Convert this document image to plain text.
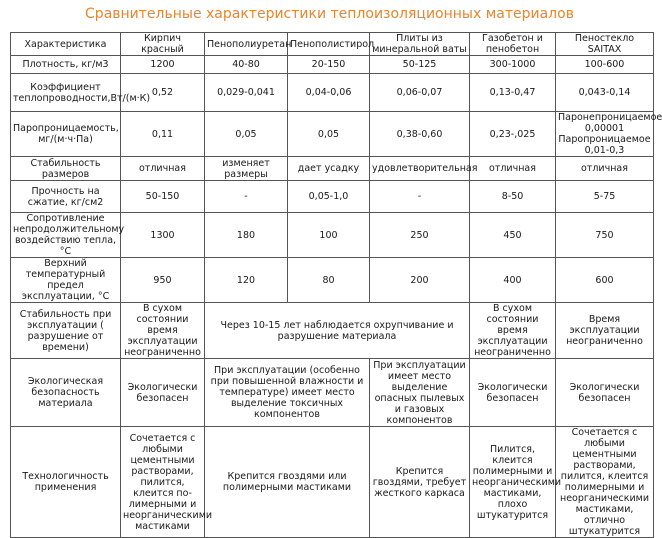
Сравнительные характеристики теплоизоляционных материалов
Характеристика	Кирпич красный	Пенополиуретан	Пенополистирол	Плиты из минеральной ваты	Газобетон и пенобетон	Пеностекло SAITAX
Плотность, кг/м3	1200	40-80	20-150	50-125	300-1000	100-600
Коэффициент теплопроводности,Вт/(м·К)	0,52	0,029-0,041	0,04-0,06	0,06-0,07	0,13-0,47	0,043-0,14
Паропроницаемость, мг/(м·ч·Па)	0,11	0,05	0,05	0,38-0,60	0,23-,025	Паронепроницаемое 0,00001 Паропроницаемое 0,01-0,3
Стабильность размеров	отличная	изменяет размеры	дает усадку	удовлетворительная	отличная	отличная
Прочность на сжатие, кг/см2	50-150	-	0,05-1,0	-	8-50	5-75
Сопротивление непродолжительному воздействию тепла, °С	1300	180	100	250	450	750
Верхний температурный предел эксплуатации, °С	950	120	80	200	400	600
Стабильность при эксплуатации ( разрушение от времени)	В сухом состоянии время эксплуатации неограниченно	Через 10-15 лет наблюдается охрупчивание и разрушение материала			В сухом состоянии время эксплуатации неограниченно	Время эксплуатации неограниченно
Экологическая безопасность материала	Экологически безопасен	При эксплуатации (особенно при повышенной влажности и температуре) имеет место выделение токсичных компонентов		При эксплуатации имеет место выделение опасных пылевых и газовых компонентов	Экологически безопасен	Экологически безопасен
Технологичность применения	Сочетается с любыми цементными растворами, пилится, клеится по-лимерными и неорганическими мастиками	Крепится гвоздями или полимерными мастиками		Крепится гвоздями, требует жесткого каркаса	Пилится, клеится полимерными и неорганическими мастиками, плохо штукатурится	Сочетается с любыми цементными растворами, пилится, клеится полимерными и неорганическими мастиками, отлично штукатурится
